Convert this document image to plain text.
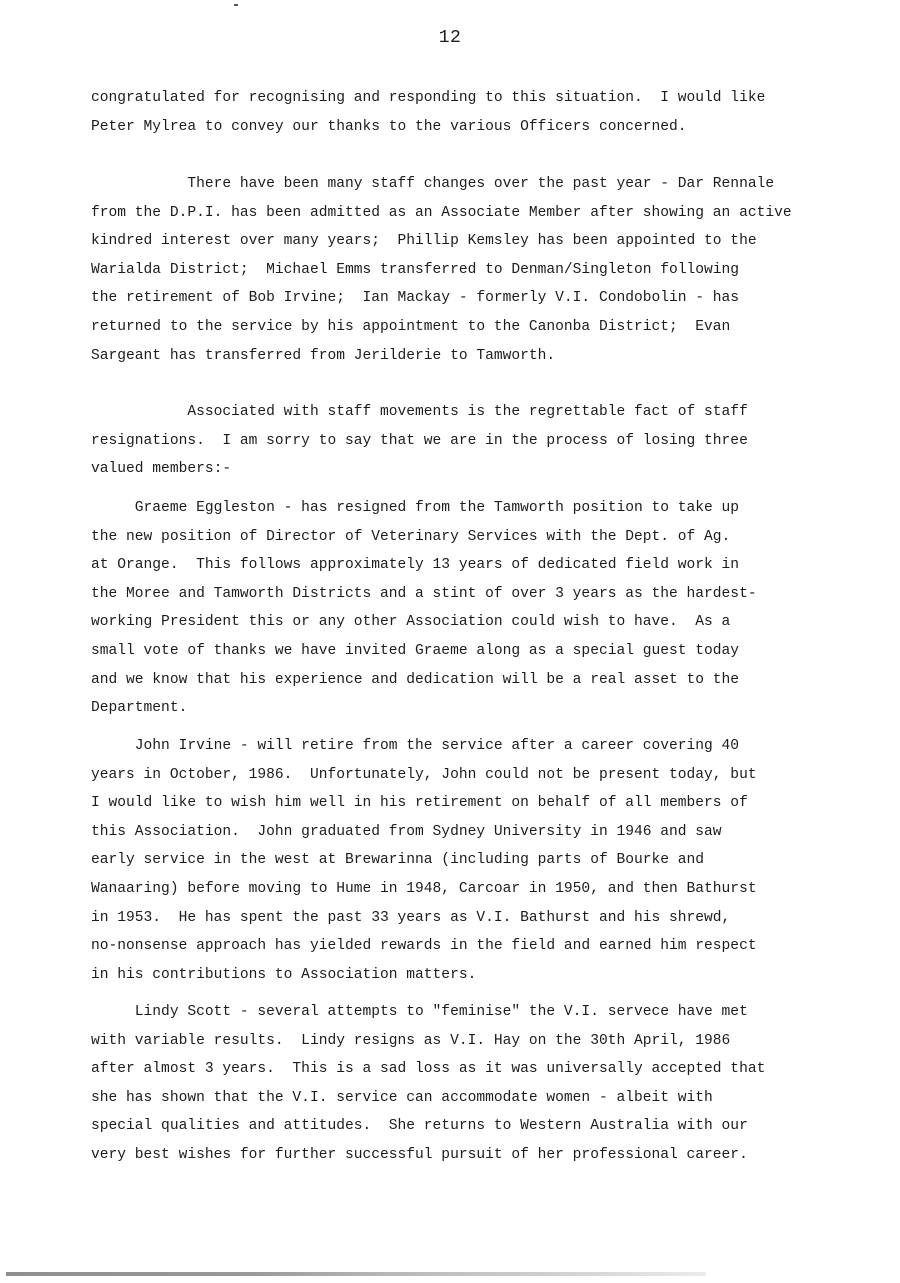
12
congratulated for recognising and responding to this situation.  I would like
Peter Mylrea to convey our thanks to the various Officers concerned.
There have been many staff changes over the past year - Dar Rennale
from the D.P.I. has been admitted as an Associate Member after showing an active
kindred interest over many years;  Phillip Kemsley has been appointed to the
Warialda District;  Michael Emms transferred to Denman/Singleton following
the retirement of Bob Irvine;  Ian Mackay - formerly V.I. Condobolin - has
returned to the service by his appointment to the Canonba District;  Evan
Sargeant has transferred from Jerilderie to Tamworth.
Associated with staff movements is the regrettable fact of staff
resignations.  I am sorry to say that we are in the process of losing three
valued members:-
Graeme Eggleston - has resigned from the Tamworth position to take up
the new position of Director of Veterinary Services with the Dept. of Ag.
at Orange.  This follows approximately 13 years of dedicated field work in
the Moree and Tamworth Districts and a stint of over 3 years as the hardest-
working President this or any other Association could wish to have.  As a
small vote of thanks we have invited Graeme along as a special guest today
and we know that his experience and dedication will be a real asset to the
Department.
John Irvine - will retire from the service after a career covering 40
years in October, 1986.  Unfortunately, John could not be present today, but
I would like to wish him well in his retirement on behalf of all members of
this Association.  John graduated from Sydney University in 1946 and saw
early service in the west at Brewarinna (including parts of Bourke and
Wanaaring) before moving to Hume in 1948, Carcoar in 1950, and then Bathurst
in 1953.  He has spent the past 33 years as V.I. Bathurst and his shrewd,
no-nonsense approach has yielded rewards in the field and earned him respect
in his contributions to Association matters.
Lindy Scott - several attempts to "feminise" the V.I. servece have met
with variable results.  Lindy resigns as V.I. Hay on the 30th April, 1986
after almost 3 years.  This is a sad loss as it was universally accepted that
she has shown that the V.I. service can accommodate women - albeit with
special qualities and attitudes.  She returns to Western Australia with our
very best wishes for further successful pursuit of her professional career.
